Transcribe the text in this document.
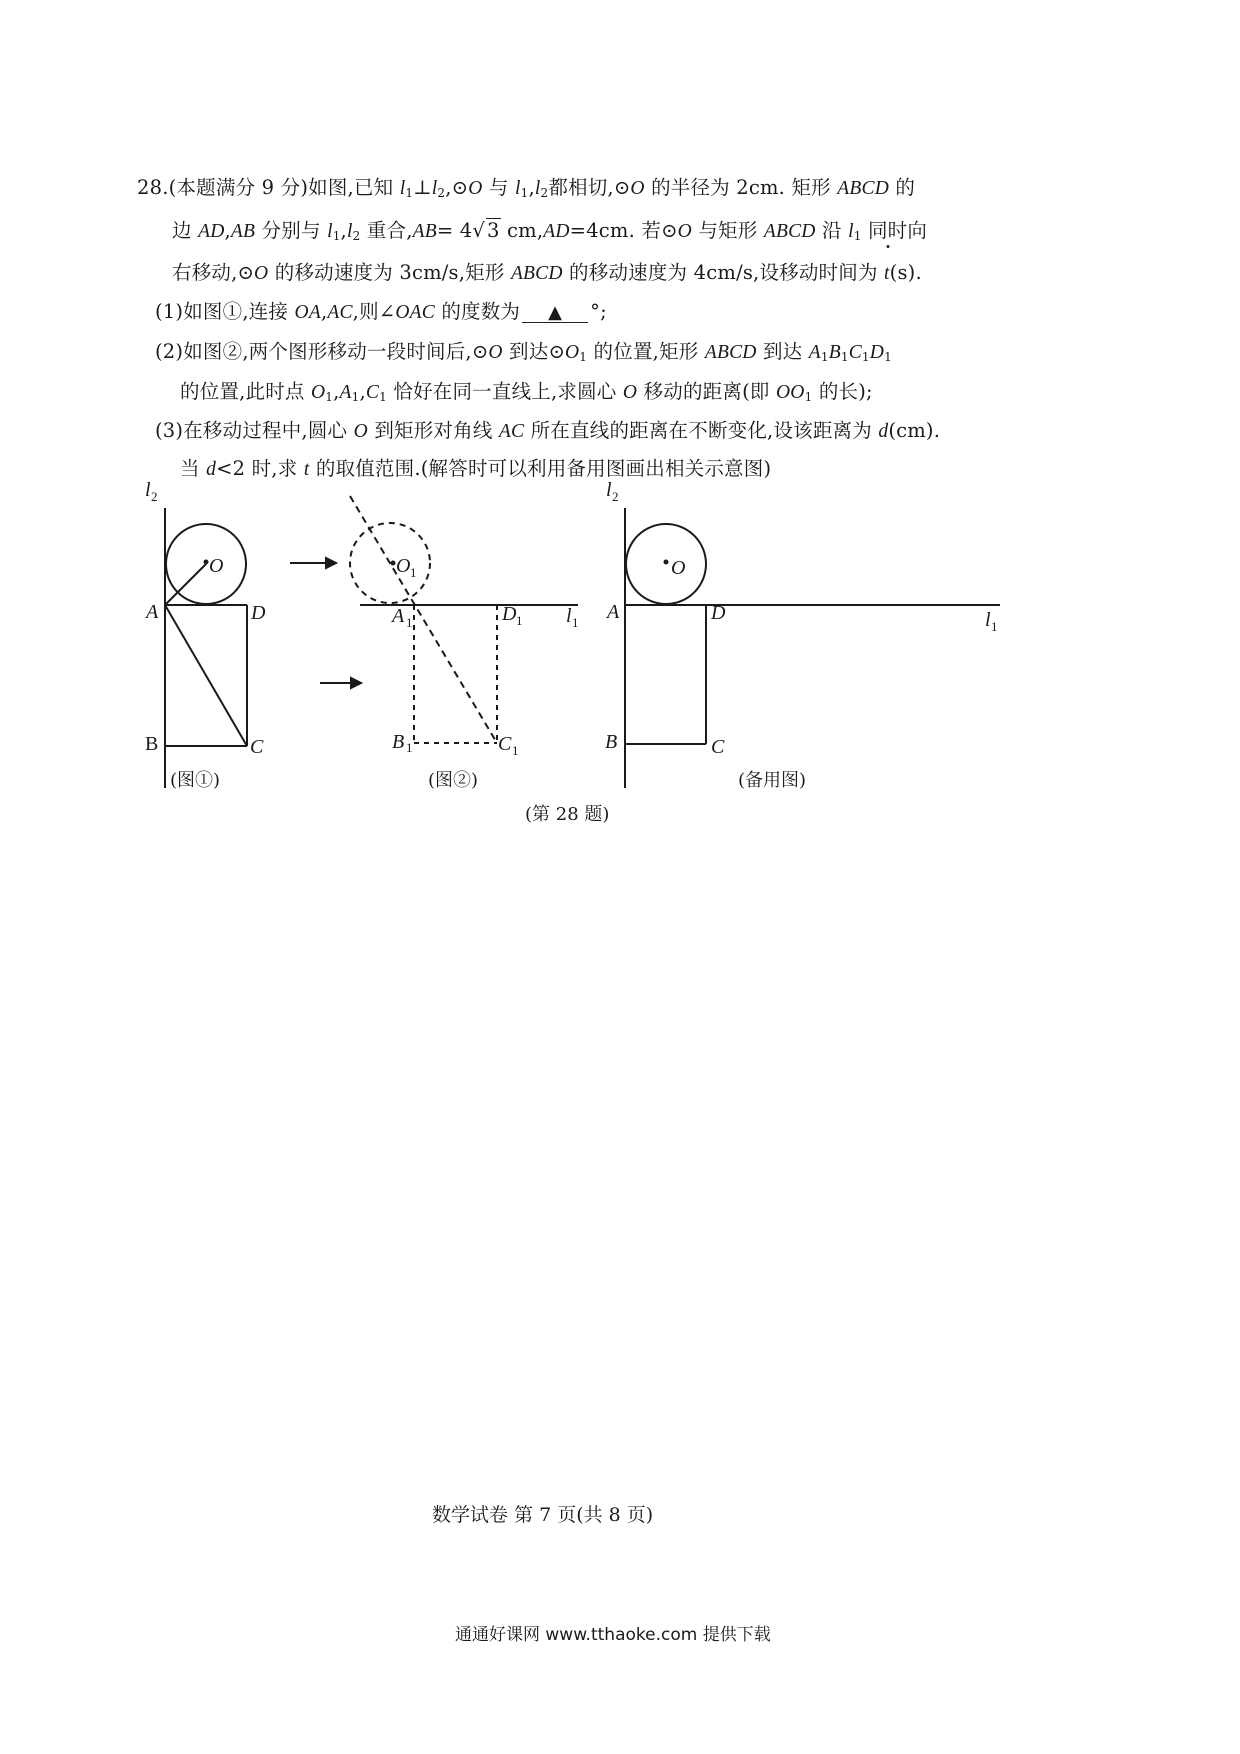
28.(本题满分 9 分)如图,已知 $l_1\perp l_2,⊙O$ 与 $l_1,l_2$都相切,⊙O 的半径为 2cm. 矩形 ABCD 的
边 AD,AB 分别与 $l_1,l_2$ 重合,AB= 4√ 3 cm,AD=4cm. 若⊙O 与矩形 ABCD 沿 $l_1$ 同时向
右移动,⊙O 的移动速度为 3cm/s,矩形 ABCD 的移动速度为 4cm/s,设移动时间为 t(s).
(1)如图①,连接 OA,AC,则∠OAC 的度数为 ▲ °;
(2)如图②,两个图形移动一段时间后,⊙O 到达$⊙O_1$ 的位置,矩形 ABCD 到达 $A_1B_1C_1D_1$
的位置,此时点 $O_1,A_1,C_1$ 恰好在同一直线上,求圆心 O 移动的距离(即 $OO_1$ 的长);
(3)在移动过程中,圆心 O 到矩形对角线 AC 所在直线的距离在不断变化,设该距离为 d(cm).
当 d<2 时,求 t 的取值范围.(解答时可以利用备用图画出相关示意图)
l 2
O
A	D
B	C
O 1
A 1	D 1 l 1
B 1	C 1
l 2
O
A	D	l 1
B	C
(图①)	(图②)	(备用图)
(第 28 题)
数学试卷 第 7 页(共 8 页)
通通好课网 www.tthaoke.com 提供下载
